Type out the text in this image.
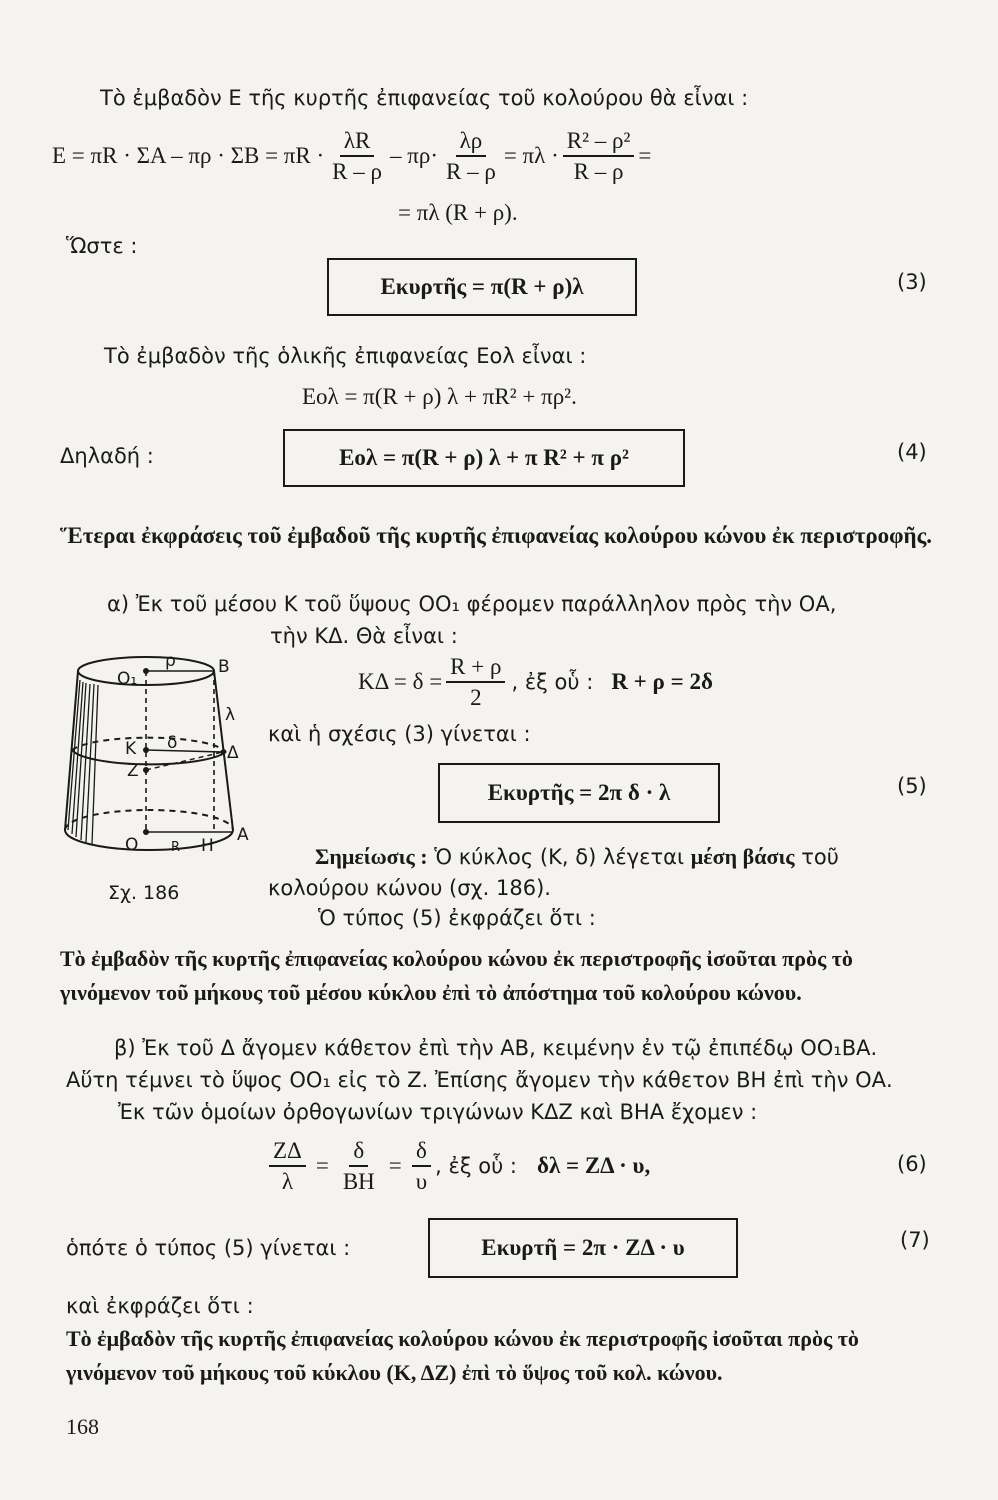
Τὸ ἐμβαδὸν Ε τῆς κυρτῆς ἐπιφανείας τοῦ κολούρου θὰ εἶναι :
$E = \pi R \cdot \Sigma A - \pi\rho \cdot \Sigma B = \pi R \cdot \frac{\lambda R}{R - \rho} - \pi\rho\cdot \frac{\lambda\rho}{R - \rho} = \pi\lambda \cdot \frac{\text{R² – ρ²}}{R - \rho}$ =
= πλ (R + ρ).
Ὥστε :
Eκυρτῆς = π(R + ρ)λ	(3)
Τὸ ἐμβαδὸν τῆς ὁλικῆς ἐπιφανείας Εολ εἶναι :
Εολ = π(R + ρ) λ + πR² + πρ².
Δηλαδή :	Eολ = π(R + ρ) λ + π R² + π ρ²	(4)
Ἕτεραι ἐκφράσεις τοῦ ἐμβαδοῦ τῆς κυρτῆς ἐπιφανείας κολούρου κώνου ἐκ περιστροφῆς.
α) Ἐκ τοῦ μέσου Κ τοῦ ὕψους ΟΟ₁ φέρομεν παράλληλον πρὸς τὴν ΟΑ,
τὴν ΚΔ. Θὰ εἶναι :
$K\Delta = \delta = \frac{R + \rho}{2}$ , ἐξ οὗ : R + ρ = 2δ
καὶ ἡ σχέσις (3) γίνεται :
Eκυρτῆς = 2π δ · λ	(5)
O₁
ρ B
λ
K δ	Δ
Z
O	R H
A
Σχ. 186
Σημείωσις : Ὁ κύκλος (Κ, δ) λέγεται μέση βάσις τοῦ
κολούρου κώνου (σχ. 186).
Ὁ τύπος (5) ἐκφράζει ὅτι :
Τὸ ἐμβαδὸν τῆς κυρτῆς ἐπιφανείας κολούρου κώνου ἐκ περιστροφῆς ἰσοῦται πρὸς τὸ γινόμενον τοῦ μήκους τοῦ μέσου κύκλου ἐπὶ τὸ ἀπόστημα τοῦ κολούρου κώνου.
β) Ἐκ τοῦ Δ ἄγομεν κάθετον ἐπὶ τὴν ΑΒ, κειμένην ἐν τῷ ἐπιπέδῳ ΟΟ₁ΒΑ.
Αὕτη τέμνει τὸ ὕψος ΟΟ₁ εἰς τὸ Ζ. Ἐπίσης ἄγομεν τὴν κάθετον ΒΗ ἐπὶ τὴν ΟΑ.
Ἐκ τῶν ὁμοίων ὀρθογωνίων τριγώνων ΚΔΖ καὶ ΒΗΑ ἔχομεν :
$\frac{Z\Delta}{\lambda} = \frac{\delta}{BH} = \frac{\delta}{\upsilon}$ , ἐξ οὗ : δλ = ΖΔ · υ,	(6)
ὁπότε ὁ τύπος (5) γίνεται :	Eκυρτῆ = 2π · ΖΔ · υ	(7)
καὶ ἐκφράζει ὅτι :
Τὸ ἐμβαδὸν τῆς κυρτῆς ἐπιφανείας κολούρου κώνου ἐκ περιστροφῆς ἰσοῦται πρὸς τὸ γινόμενον τοῦ μήκους τοῦ κύκλου (Κ, ΔΖ) ἐπὶ τὸ ὕψος τοῦ κολ. κώνου.
168
